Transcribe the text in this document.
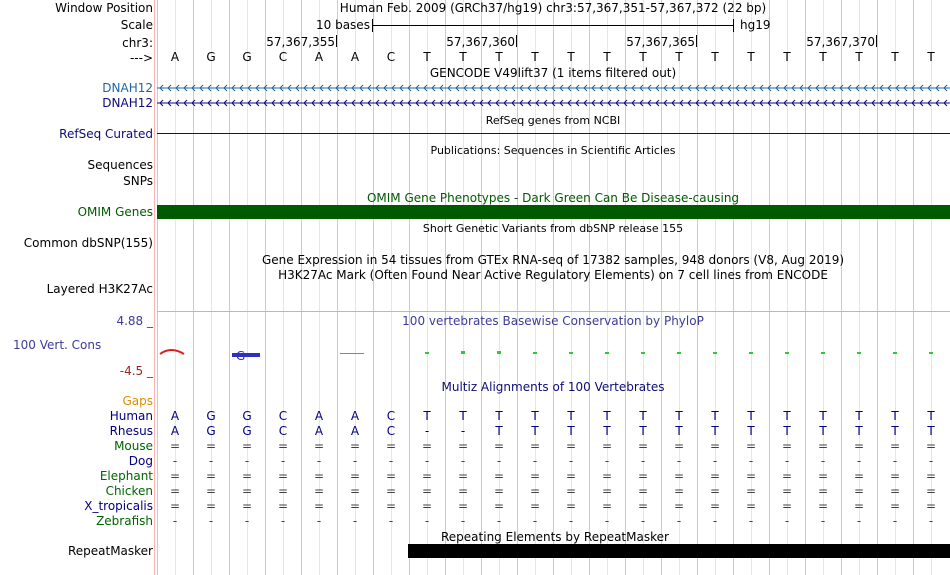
Window Position	Human Feb. 2009 (GRCh37/hg19) chr3:57,367,351-57,367,372 (22 bp)
Scale	10 bases	hg19
chr3:	57,367,355	57,367,360	57,367,365	57,367,370
--->	A	G	G	C	A	A	C	T	T	T	T	T	T	T	T	T	T	T	T	T	T	T
GENCODE V49lift37 (1 items filtered out)
DNAH12
DNAH12
G
RefSeq genes from NCBI
RefSeq Curated
Publications: Sequences in Scientific Articles
Sequences
SNPs
OMIM Gene Phenotypes - Dark Green Can Be Disease-causing
OMIM Genes
Short Genetic Variants from dbSNP release 155
Common dbSNP(155)
Gene Expression in 54 tissues from GTEx RNA-seq of 17382 samples, 948 donors (V8, Aug 2019)
H3K27Ac Mark (Often Found Near Active Regulatory Elements) on 7 cell lines from ENCODE
Layered H3K27Ac
4.88 _	100 vertebrates Basewise Conservation by PhyloP
100 Vert. Cons
-4.5 _
Multiz Alignments of 100 Vertebrates
Gaps
Human	A	G	G	C	A	A	C	T	T	T	T	T	T	T	T	T	T	T	T	T	T	T
Rhesus	A	G	G	C	A	A	C	-	-	T	T	T	T	T	T	T	T	T	T	T	T	T
Mouse	=	=	=	=	=	=	=	=	=	=	=	=	=	=	=	=	=	=	=	=	=	=
Dog	-	-	-	-	-	-	-	-	-	-	-	-	-	-	-	-	-	-	-	-	-	-
Elephant	=	=	=	=	=	=	=	=	=	=	=	=	=	=	=	=	=	=	=	=	=	=
Chicken	=	=	=	=	=	=	=	=	=	=	=	=	=	=	=	=	=	=	=	=	=	=
X_tropicalis	=	=	=	=	=	=	=	=	=	=	=	=	=	=	=	=	=	=	=	=	=	=
Zebrafish	-	-	-	-	-	-	-	-	-	-	-	-	-	-	-	-	-	-	-	-	-	-
Repeating Elements by RepeatMasker
RepeatMasker
